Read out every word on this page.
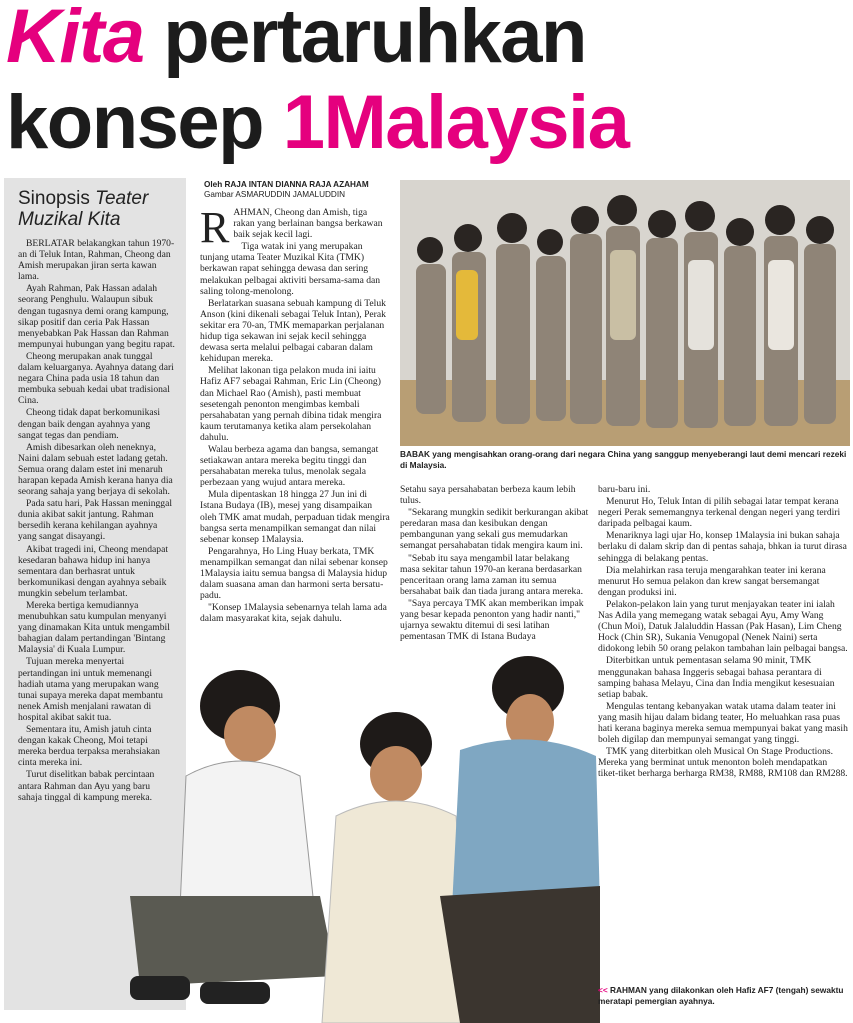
Kita pertaruhkan
konsep 1Malaysia
Sinopsis Teater Muzikal Kita

BERLATAR belakangkan tahun 1970-an di Teluk Intan, Rahman, Cheong dan Amish merupakan jiran serta kawan lama.

Ayah Rahman, Pak Hassan adalah seorang Penghulu. Walaupun sibuk dengan tugasnya demi orang kampung, sikap positif dan ceria Pak Hassan menyebabkan Pak Hassan dan Rahman mempunyai hubungan yang begitu rapat.

Cheong merupakan anak tunggal dalam keluarganya. Ayahnya datang dari negara China pada usia 18 tahun dan membuka sebuah kedai ubat tradisional Cina.

Cheong tidak dapat berkomunikasi dengan baik dengan ayahnya yang sangat tegas dan pendiam.

Amish dibesarkan oleh neneknya, Naini dalam sebuah estet ladang getah. Semua orang dalam estet ini menaruh harapan kepada Amish kerana hanya dia seorang sahaja yang berjaya di sekolah.

Pada satu hari, Pak Hassan meninggal dunia akibat sakit jantung. Rahman bersedih kerana kehilangan ayahnya yang sangat disayangi.

Akibat tragedi ini, Cheong mendapat kesedaran bahawa hidup ini hanya sementara dan berhasrat untuk berkomunikasi dengan ayahnya sebaik mungkin sebelum terlambat.

Mereka bertiga kemudiannya menubuhkan satu kumpulan menyanyi yang dinamakan Kita untuk mengambil bahagian dalam pertandingan 'Bintang Malaysia' di Kuala Lumpur.

Tujuan mereka menyertai pertandingan ini untuk memenangi hadiah utama yang merupakan wang tunai supaya mereka dapat membantu nenek Amish menjalani rawatan di hospital akibat sakit tua.

Sementara itu, Amish jatuh cinta dengan kakak Cheong, Moi tetapi mereka berdua terpaksa merahsiakan cinta mereka ini.

Turut diselitkan babak percintaan antara Rahman dan Ayu yang baru sahaja tinggal di kampung mereka.

Oleh RAJA INTAN DIANNA RAJA AZAHAM
Gambar ASMARUDDIN JAMALUDDIN
R AHMAN, Cheong dan Amish, tiga rakan yang berlainan bangsa berkawan baik sejak kecil lagi.

Tiga watak ini yang merupakan tunjang utama Teater Muzikal Kita (TMK) berkawan rapat sehingga dewasa dan sering melakukan pelbagai aktiviti bersama-sama dan saling tolong-menolong.

Berlatarkan suasana sebuah kampung di Teluk Anson (kini dikenali sebagai Teluk Intan), Perak sekitar era 70-an, TMK memaparkan perjalanan hidup tiga sekawan ini sejak kecil sehingga dewasa serta melalui pelbagai cabaran dalam kehidupan mereka.

Melihat lakonan tiga pelakon muda ini iaitu Hafiz AF7 sebagai Rahman, Eric Lin (Cheong) dan Michael Rao (Amish), pasti membuat sesetengah penonton mengimbas kembali persahabatan yang pernah dibina tidak mengira kaum terutamanya ketika alam persekolahan dahulu.

Walau berbeza agama dan bangsa, semangat setiakawan antara mereka begitu tinggi dan persahabatan mereka tulus, menolak segala perbezaan yang wujud antara mereka.

Mula dipentaskan 18 hingga 27 Jun ini di Istana Budaya (IB), mesej yang disampaikan oleh TMK amat mudah, perpaduan tidak mengira bangsa serta menampilkan semangat dan nilai sebenar konsep 1Malaysia.

Pengarahnya, Ho Ling Huay berkata, TMK menampilkan semangat dan nilai sebenar konsep 1Malaysia iaitu semua bangsa di Malaysia hidup dalam suasana aman dan harmoni serta bersatu-padu.

"Konsep 1Malaysia sebenarnya telah lama ada dalam masyarakat kita, sejak dahulu.

BABAK yang mengisahkan orang-orang dari negara China yang sanggup menyeberangi laut demi mencari rezeki di Malaysia.

Setahu saya persahabatan berbeza kaum lebih tulus.

"Sekarang mungkin sedikit berkurangan akibat peredaran masa dan kesibukan dengan pembangunan yang sekali gus memudarkan semangat persahabatan tidak mengira kaum ini.

"Sebab itu saya mengambil latar belakang masa sekitar tahun 1970-an kerana berdasarkan penceritaan orang lama zaman itu semua bersahabat baik dan tiada jurang antara mereka.

"Saya percaya TMK akan memberikan impak yang besar kepada penonton yang hadir nanti," ujarnya sewaktu ditemui di sesi latihan pementasan TMK di Istana Budaya

baru-baru ini.

Menurut Ho, Teluk Intan di pilih sebagai latar tempat kerana negeri Perak sememangnya terkenal dengan negeri yang terdiri daripada pelbagai kaum.

Menariknya lagi ujar Ho, konsep 1Malaysia ini bukan sahaja berlaku di dalam skrip dan di pentas sahaja, bhkan ia turut dirasa sehingga di belakang pentas.

Dia melahirkan rasa teruja mengarahkan teater ini kerana menurut Ho semua pelakon dan krew sangat bersemangat dengan produksi ini.

Pelakon-pelakon lain yang turut menjayakan teater ini ialah Nas Adila yang memegang watak sebagai Ayu, Amy Wang (Chun Moi), Datuk Jalaluddin Hassan (Pak Hasan), Lim Cheng Hock (Chin SR), Sukania Venugopal (Nenek Naini) serta didokong lebih 50 orang pelakon tambahan lain pelbagai bangsa.

Diterbitkan untuk pementasan selama 90 minit, TMK menggunakan bahasa Inggeris sebagai bahasa perantara di samping bahasa Melayu, Cina dan India mengikut kesesuaian setiap babak.

Mengulas tentang kebanyakan watak utama dalam teater ini yang masih hijau dalam bidang teater, Ho meluahkan rasa puas hati kerana baginya mereka semua mempunyai bakat yang masih boleh digilap dan mempunyai semangat yang tinggi.

TMK yang diterbitkan oleh Musical On Stage Productions. Mereka yang berminat untuk menonton boleh mendapatkan tiket-tiket berharga berharga RM38, RM88, RM108 dan RM288.

<< RAHMAN yang dilakonkan oleh Hafiz AF7 (tengah) sewaktu meratapi pemergian ayahnya.
